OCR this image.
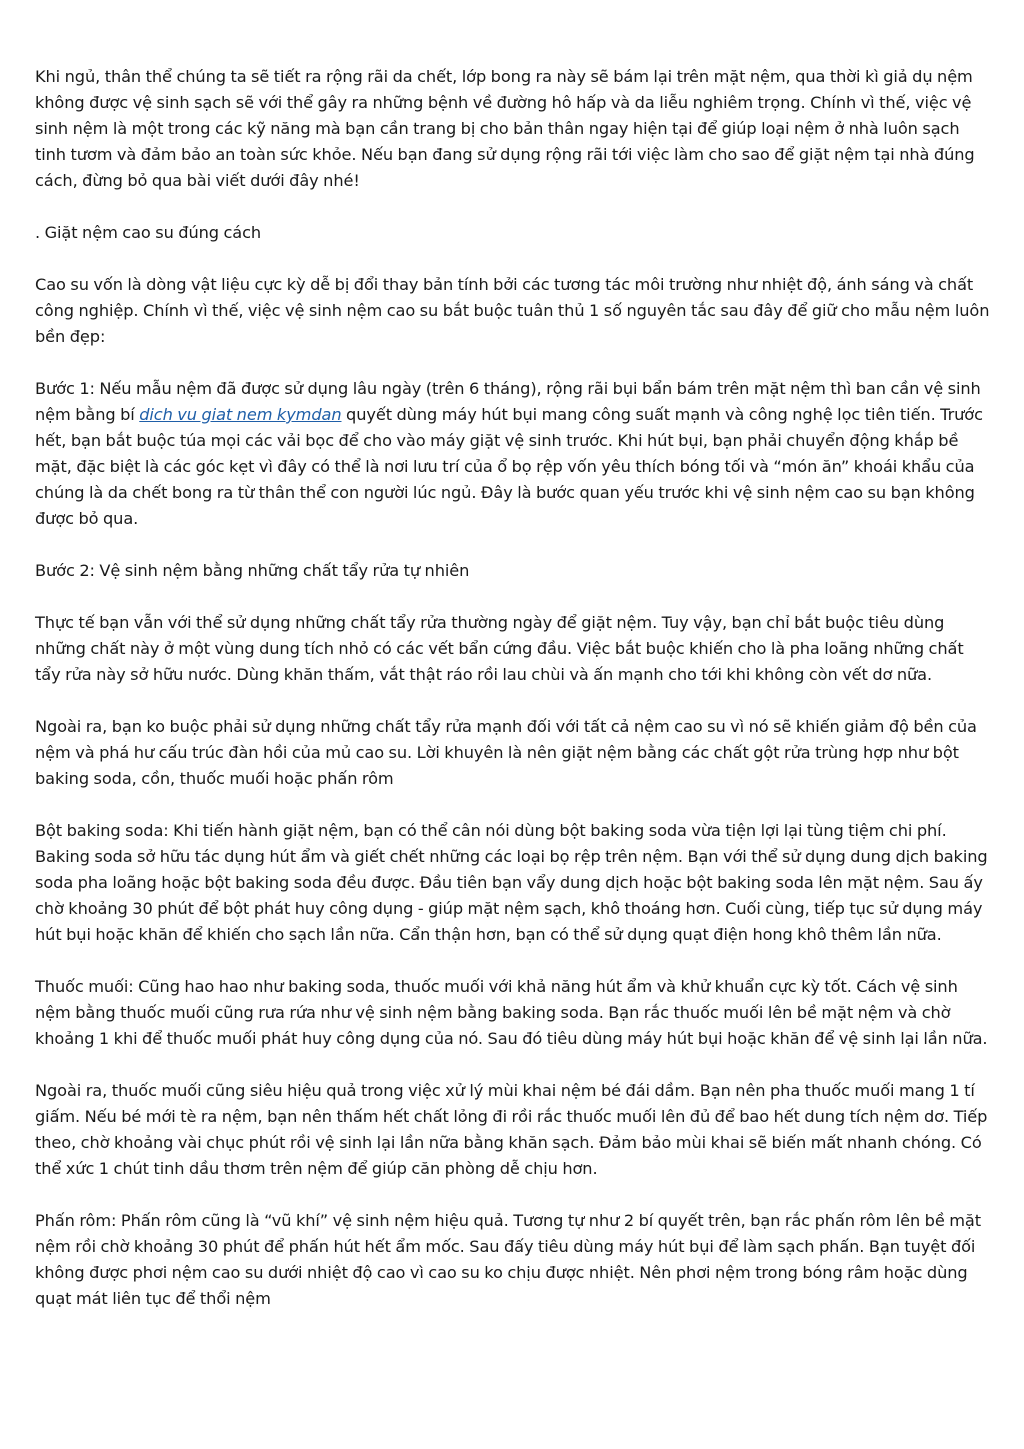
Khi ngủ, thân thể chúng ta sẽ tiết ra rộng rãi da chết, lớp bong ra này sẽ bám lại trên mặt nệm, qua thời kì giả dụ nệm không được vệ sinh sạch sẽ với thể gây ra những bệnh về đường hô hấp và da liễu nghiêm trọng. Chính vì thế, việc vệ sinh nệm là một trong các kỹ năng mà bạn cần trang bị cho bản thân ngay hiện tại để giúp loại nệm ở nhà luôn sạch tinh tươm và đảm bảo an toàn sức khỏe. Nếu bạn đang sử dụng rộng rãi tới việc làm cho sao để giặt nệm tại nhà đúng cách, đừng bỏ qua bài viết dưới đây nhé!

. Giặt nệm cao su đúng cách

Cao su vốn là dòng vật liệu cực kỳ dễ bị đổi thay bản tính bởi các tương tác môi trường như nhiệt độ, ánh sáng và chất công nghiệp. Chính vì thế, việc vệ sinh nệm cao su bắt buộc tuân thủ 1 số nguyên tắc sau đây để giữ cho mẫu nệm luôn bền đẹp:

Bước 1: Nếu mẫu nệm đã được sử dụng lâu ngày (trên 6 tháng), rộng rãi bụi bẩn bám trên mặt nệm thì ban cần vệ sinh nệm bằng bí dich vu giat nem kymdan quyết dùng máy hút bụi mang công suất mạnh và công nghệ lọc tiên tiến. Trước hết, bạn bắt buộc túa mọi các vải bọc để cho vào máy giặt vệ sinh trước. Khi hút bụi, bạn phải chuyển động khắp bề mặt, đặc biệt là các góc kẹt vì đây có thể là nơi lưu trí của ổ bọ rệp vốn yêu thích bóng tối và “món ăn” khoái khẩu của chúng là da chết bong ra từ thân thể con người lúc ngủ. Đây là bước quan yếu trước khi vệ sinh nệm cao su bạn không được bỏ qua.

Bước 2: Vệ sinh nệm bằng những chất tẩy rửa tự nhiên

Thực tế bạn vẫn với thể sử dụng những chất tẩy rửa thường ngày để giặt nệm. Tuy vậy, bạn chỉ bắt buộc tiêu dùng những chất này ở một vùng dung tích nhỏ có các vết bẩn cứng đầu. Việc bắt buộc khiến cho là pha loãng những chất tẩy rửa này sở hữu nước. Dùng khăn thấm, vắt thật ráo rồi lau chùi và ấn mạnh cho tới khi không còn vết dơ nữa.

Ngoài ra, bạn ko buộc phải sử dụng những chất tẩy rửa mạnh đối với tất cả nệm cao su vì nó sẽ khiến giảm độ bền của nệm và phá hư cấu trúc đàn hồi của mủ cao su. Lời khuyên là nên giặt nệm bằng các chất gột rửa trùng hợp như bột baking soda, cồn, thuốc muối hoặc phấn rôm

Bột baking soda: Khi tiến hành giặt nệm, bạn có thể cân nói dùng bột baking soda vừa tiện lợi lại tùng tiệm chi phí. Baking soda sở hữu tác dụng hút ẩm và giết chết những các loại bọ rệp trên nệm. Bạn với thể sử dụng dung dịch baking soda pha loãng hoặc bột baking soda đều được. Đầu tiên bạn vẩy dung dịch hoặc bột baking soda lên mặt nệm. Sau ấy chờ khoảng 30 phút để bột phát huy công dụng - giúp mặt nệm sạch, khô thoáng hơn. Cuối cùng, tiếp tục sử dụng máy hút bụi hoặc khăn để khiến cho sạch lần nữa. Cẩn thận hơn, bạn có thể sử dụng quạt điện hong khô thêm lần nữa.

Thuốc muối: Cũng hao hao như baking soda, thuốc muối với khả năng hút ẩm và khử khuẩn cực kỳ tốt. Cách vệ sinh nệm bằng thuốc muối cũng rưa rứa như vệ sinh nệm bằng baking soda. Bạn rắc thuốc muối lên bề mặt nệm và chờ khoảng 1 khi để thuốc muối phát huy công dụng của nó. Sau đó tiêu dùng máy hút bụi hoặc khăn để vệ sinh lại lần nữa.

Ngoài ra, thuốc muối cũng siêu hiệu quả trong việc xử lý mùi khai nệm bé đái dầm. Bạn nên pha thuốc muối mang 1 tí giấm. Nếu bé mới tè ra nệm, bạn nên thấm hết chất lỏng đi rồi rắc thuốc muối lên đủ để bao hết dung tích nệm dơ. Tiếp theo, chờ khoảng vài chục phút rồi vệ sinh lại lần nữa bằng khăn sạch. Đảm bảo mùi khai sẽ biến mất nhanh chóng. Có thể xức 1 chút tinh dầu thơm trên nệm để giúp căn phòng dễ chịu hơn.

Phấn rôm: Phấn rôm cũng là “vũ khí” vệ sinh nệm hiệu quả. Tương tự như 2 bí quyết trên, bạn rắc phấn rôm lên bề mặt nệm rồi chờ khoảng 30 phút để phấn hút hết ẩm mốc. Sau đấy tiêu dùng máy hút bụi để làm sạch phấn. Bạn tuyệt đối không được phơi nệm cao su dưới nhiệt độ cao vì cao su ko chịu được nhiệt. Nên phơi nệm trong bóng râm hoặc dùng quạt mát liên tục để thổi nệm
